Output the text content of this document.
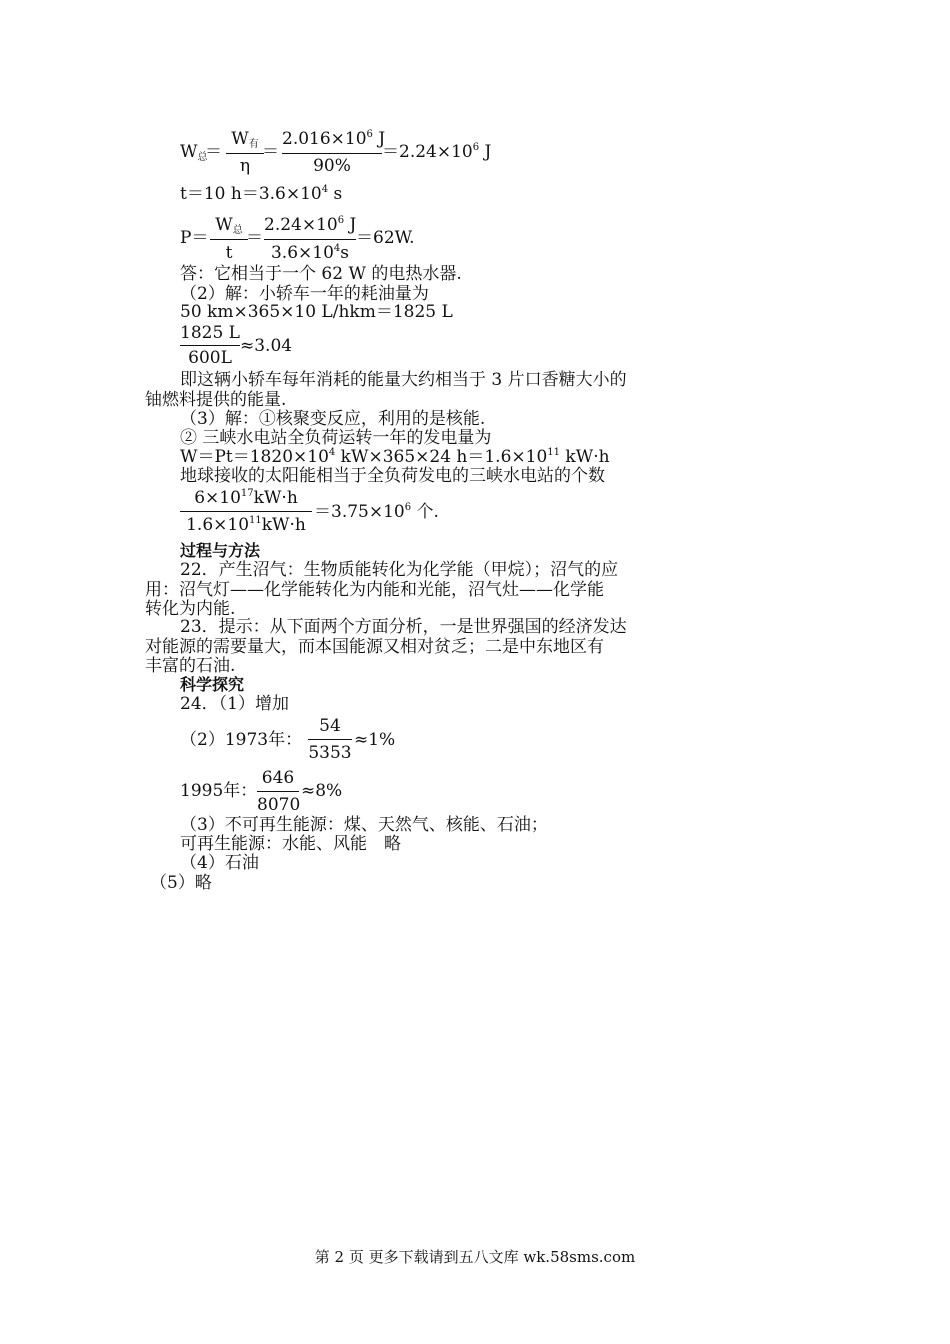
$W_总$
＝
$W_有$
η
＝
$2.016\times 10^6$ J
90%
$=2.24\times 10^6$ J
t＝10 $h=3.6\times 10^4$ s
P＝
$W_总$
t
＝
$2.24\times 10^6$ J
$3.6\times 10^4s$
＝62W.
答：它相当于一个 62 W 的电热水器.
（2）解：小轿车一年的耗油量为
50 km×365×10 L/hkm＝1825 L
1825 L
600L
≈3.04
即这辆小轿车每年消耗的能量大约相当于 3 片口香糖大小的
铀燃料提供的能量.
（3）解：①核聚变反应，利用的是核能.
② 三峡水电站全负荷运转一年的发电量为
$W=Pt=1820\times 10^4$ kW×365×24 $h=1.6\times 10^{11}$ kW·h
地球接收的太阳能相当于全负荷发电的三峡水电站的个数
$6\times 10^{17}kW\cdot h$
$1.6\times 10^{11}kW\cdot h$
$=3.75\times 10^6$ 个.
过程与方法
22．产生沼气：生物质能转化为化学能（甲烷）；沼气的应
用：沼气灯——化学能转化为内能和光能，沼气灶——化学能
转化为内能.
23．提示：从下面两个方面分析，一是世界强国的经济发达
对能源的需要量大，而本国能源又相对贫乏；二是中东地区有
丰富的石油.
科学探究
24．（1）增加
（2）1973年：
54
5353
≈1%
1995年：
646
8070
≈8%
（3）不可再生能源：煤、天然气、核能、石油；
可再生能源：水能、风能　略
（4）石油
（5）略
第 2 页 更多下载请到五八文库 wk.58sms.com
